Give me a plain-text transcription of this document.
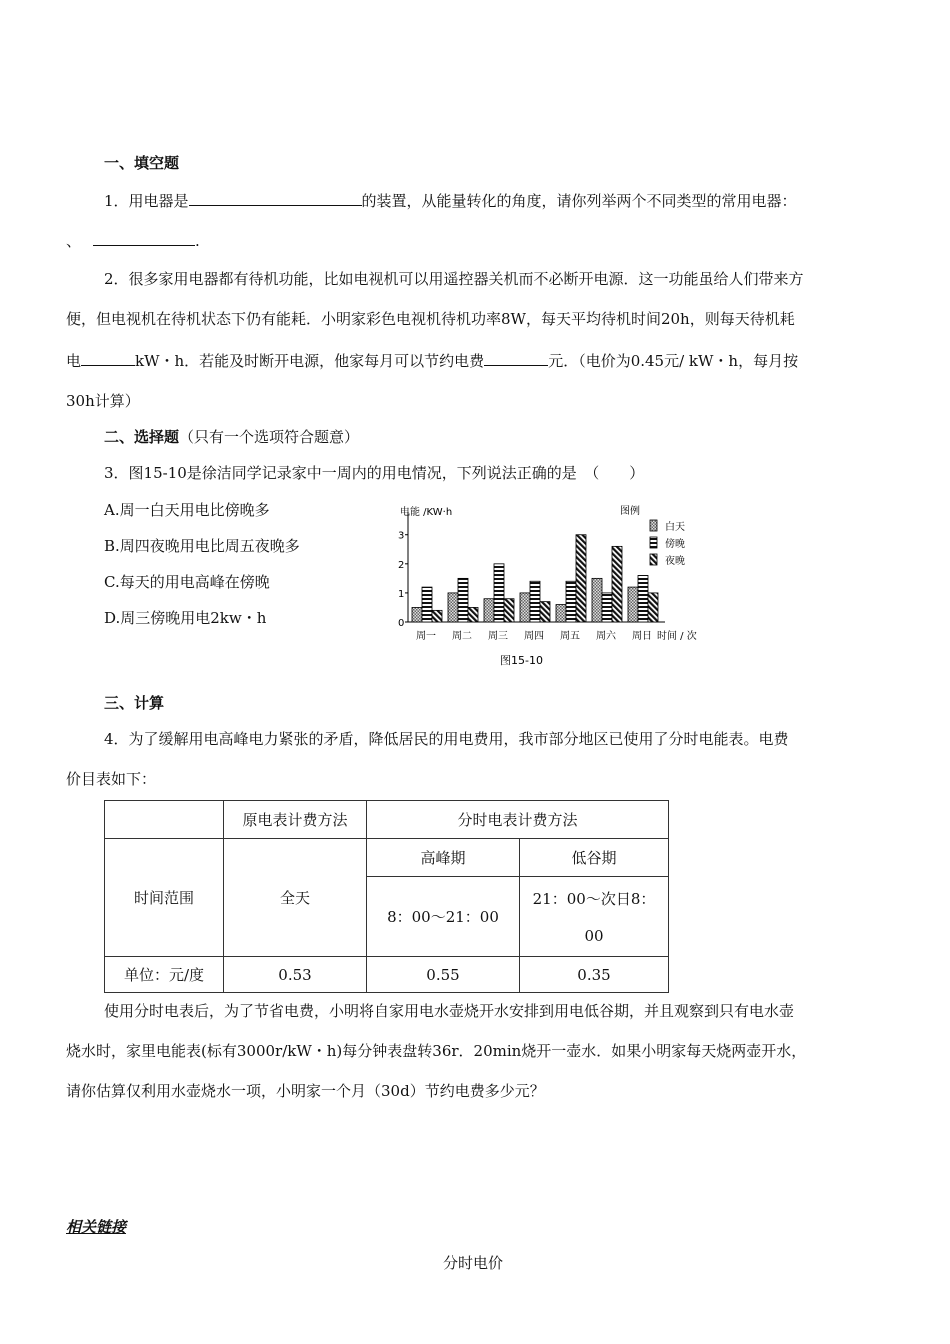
一、填空题
1．用电器是	的装置，从能量转化的角度，请你列举两个不同类型的常用电器：
、	.
2．很多家用电器都有待机功能，比如电视机可以用遥控器关机而不必断开电源．这一功能虽给人们带来方
便，但电视机在待机状态下仍有能耗．小明家彩色电视机待机功率8W，每天平均待机时间20h，则每天待机耗
电	kW・h．若能及时断开电源，他家每月可以节约电费	元．（电价为0.45元/ kW・h，每月按
30h计算）
二、选择题（只有一个选项符合题意）
3．图15-10是徐洁同学记录家中一周内的用电情况，下列说法正确的是　（　　）
A.周一白天用电比傍晚多
B.周四夜晚用电比周五夜晚多
C.每天的用电高峰在傍晚
D.周三傍晚用电2kw・h
电能 /KW·h
时间 / 次
图例
0
1
2
3
周一 周二 周三 周四 周五 周六 周日
白天
傍晚
夜晚
图15-10
三、计算
4．为了缓解用电高峰电力紧张的矛盾，降低居民的用电费用，我市部分地区已使用了分时电能表。电费
价目表如下：
	原电表计费方法	分时电表计费方法	
时间范围	全天	高峰期	低谷期
		8：00～21：00	21：00～次日8：
00

单位：元/度	0.53	0.55	0.35
使用分时电表后，为了节省电费，小明将自家用电水壶烧开水安排到用电低谷期，并且观察到只有电水壶
烧水时，家里电能表(标有3000r/kW・h)每分钟表盘转36r．20min烧开一壶水．如果小明家每天烧两壶开水，
请你估算仅利用水壶烧水一项，小明家一个月（30d）节约电费多少元？
相关链接
分时电价
